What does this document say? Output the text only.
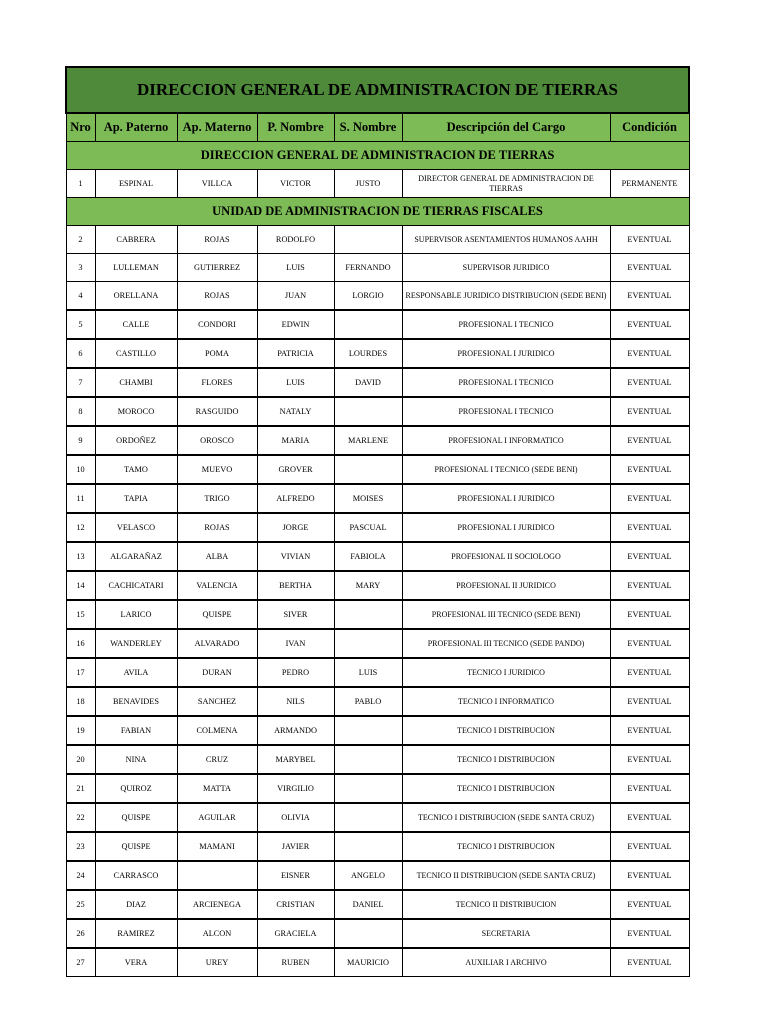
DIRECCION GENERAL DE ADMINISTRACION DE TIERRAS						
Nro	Ap. Paterno	Ap. Materno	P. Nombre	S. Nombre	Descripción del Cargo	Condición
DIRECCION GENERAL DE ADMINISTRACION DE TIERRAS						
1	ESPINAL	VILLCA	VICTOR	JUSTO	DIRECTOR GENERAL DE ADMINISTRACION DE TIERRAS	PERMANENTE
UNIDAD DE ADMINISTRACION DE TIERRAS FISCALES						
2	CABRERA	ROJAS	RODOLFO		SUPERVISOR ASENTAMIENTOS HUMANOS AAHH	EVENTUAL
3	LULLEMAN	GUTIERREZ	LUIS	FERNANDO	SUPERVISOR JURIDICO	EVENTUAL
4	ORELLANA	ROJAS	JUAN	LORGIO	RESPONSABLE JURIDICO DISTRIBUCION (SEDE BENI)	EVENTUAL
5	CALLE	CONDORI	EDWIN		PROFESIONAL I TECNICO	EVENTUAL
6	CASTILLO	POMA	PATRICIA	LOURDES	PROFESIONAL I JURIDICO	EVENTUAL
7	CHAMBI	FLORES	LUIS	DAVID	PROFESIONAL I TECNICO	EVENTUAL
8	MOROCO	RASGUIDO	NATALY		PROFESIONAL I TECNICO	EVENTUAL
9	ORDOÑEZ	OROSCO	MARIA	MARLENE	PROFESIONAL I INFORMATICO	EVENTUAL
10	TAMO	MUEVO	GROVER		PROFESIONAL I TECNICO (SEDE BENI)	EVENTUAL
11	TAPIA	TRIGO	ALFREDO	MOISES	PROFESIONAL I JURIDICO	EVENTUAL
12	VELASCO	ROJAS	JORGE	PASCUAL	PROFESIONAL I JURIDICO	EVENTUAL
13	ALGARAÑAZ	ALBA	VIVIAN	FABIOLA	PROFESIONAL II SOCIOLOGO	EVENTUAL
14	CACHICATARI	VALENCIA	BERTHA	MARY	PROFESIONAL II JURIDICO	EVENTUAL
15	LARICO	QUISPE	SIVER		PROFESIONAL III TECNICO (SEDE BENI)	EVENTUAL
16	WANDERLEY	ALVARADO	IVAN		PROFESIONAL III TECNICO (SEDE PANDO)	EVENTUAL
17	AVILA	DURAN	PEDRO	LUIS	TECNICO I JURIDICO	EVENTUAL
18	BENAVIDES	SANCHEZ	NILS	PABLO	TECNICO I INFORMATICO	EVENTUAL
19	FABIAN	COLMENA	ARMANDO		TECNICO I DISTRIBUCION	EVENTUAL
20	NINA	CRUZ	MARYBEL		TECNICO I DISTRIBUCION	EVENTUAL
21	QUIROZ	MATTA	VIRGILIO		TECNICO I DISTRIBUCION	EVENTUAL
22	QUISPE	AGUILAR	OLIVIA		TECNICO I DISTRIBUCION (SEDE SANTA CRUZ)	EVENTUAL
23	QUISPE	MAMANI	JAVIER		TECNICO I DISTRIBUCION	EVENTUAL
24	CARRASCO		EISNER	ANGELO	TECNICO II DISTRIBUCION (SEDE SANTA CRUZ)	EVENTUAL
25	DIAZ	ARCIENEGA	CRISTIAN	DANIEL	TECNICO II DISTRIBUCION	EVENTUAL
26	RAMIREZ	ALCON	GRACIELA		SECRETARIA	EVENTUAL
27	VERA	UREY	RUBEN	MAURICIO	AUXILIAR I ARCHIVO	EVENTUAL
